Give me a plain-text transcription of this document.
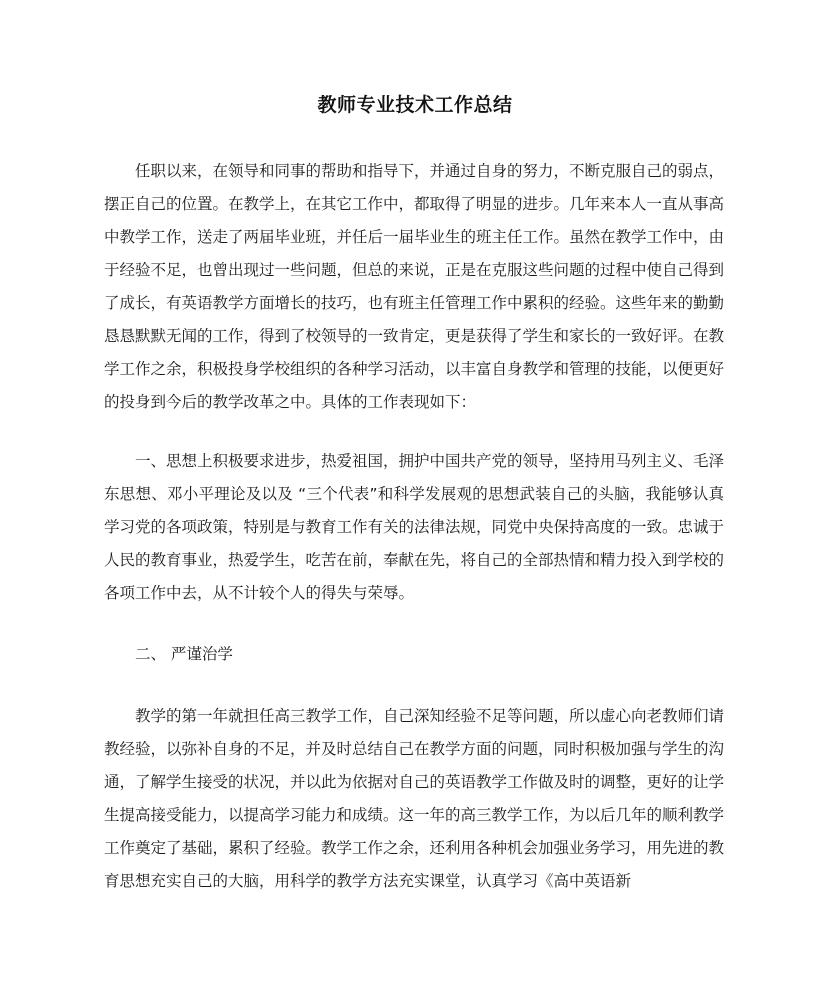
教师专业技术工作总结

任职以来，在领导和同事的帮助和指导下，并通过自身的努力，不断克服自己的弱点，摆正自己的位置。在教学上，在其它工作中，都取得了明显的进步。几年来本人一直从事高中教学工作，送走了两届毕业班，并任后一届毕业生的班主任工作。虽然在教学工作中，由于经验不足，也曾出现过一些问题，但总的来说，正是在克服这些问题的过程中使自己得到了成长，有英语教学方面增长的技巧，也有班主任管理工作中累积的经验。这些年来的勤勤恳恳默默无闻的工作，得到了校领导的一致肯定，更是获得了学生和家长的一致好评。在教学工作之余，积极投身学校组织的各种学习活动，以丰富自身教学和管理的技能，以便更好的投身到今后的教学改革之中。具体的工作表现如下：

一、思想上积极要求进步，热爱祖国，拥护中国共产党的领导，坚持用马列主义、毛泽东思想、邓小平理论及以及 “三个代表”和科学发展观的思想武装自己的头脑，我能够认真学习党的各项政策，特别是与教育工作有关的法律法规，同党中央保持高度的一致。忠诚于人民的教育事业，热爱学生，吃苦在前，奉献在先，将自己的全部热情和精力投入到学校的各项工作中去，从不计较个人的得失与荣辱。

二、 严谨治学

教学的第一年就担任高三教学工作，自己深知经验不足等问题，所以虚心向老教师们请教经验，以弥补自身的不足，并及时总结自己在教学方面的问题，同时积极加强与学生的沟通，了解学生接受的状况，并以此为依据对自己的英语教学工作做及时的调整，更好的让学生提高接受能力，以提高学习能力和成绩。这一年的高三教学工作，为以后几年的顺利教学工作奠定了基础，累积了经验。教学工作之余，还利用各种机会加强业务学习，用先进的教育思想充实自己的大脑，用科学的教学方法充实课堂，认真学习《高中英语新
